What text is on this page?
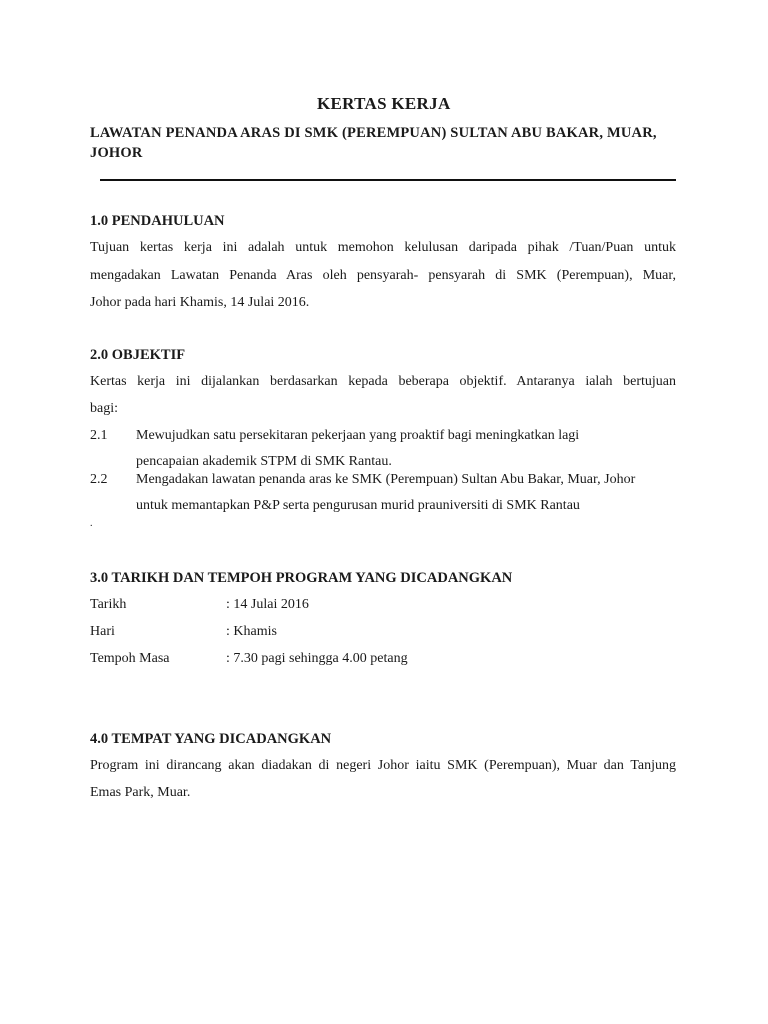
KERTAS KERJA
LAWATAN PENANDA ARAS DI SMK (PEREMPUAN) SULTAN ABU BAKAR, MUAR,
JOHOR
1.0 PENDAHULUAN
Tujuan kertas kerja ini adalah untuk memohon kelulusan daripada pihak /Tuan/Puan untuk
mengadakan Lawatan Penanda Aras oleh pensyarah- pensyarah di SMK (Perempuan), Muar,
Johor pada hari Khamis, 14 Julai 2016.
2.0 OBJEKTIF
Kertas kerja ini dijalankan berdasarkan kepada beberapa objektif. Antaranya ialah bertujuan
bagi:
2.1 Mewujudkan satu persekitaran pekerjaan yang proaktif bagi meningkatkan lagi
pencapaian akademik STPM di SMK Rantau.
2.2 Mengadakan lawatan penanda aras ke SMK (Perempuan) Sultan Abu Bakar, Muar, Johor
untuk memantapkan P&P serta pengurusan murid prauniversiti di SMK Rantau
.
3.0 TARIKH DAN TEMPOH PROGRAM YANG DICADANGKAN
Tarikh	: 14 Julai 2016
Hari	: Khamis
Tempoh Masa	: 7.30 pagi sehingga 4.00 petang
4.0 TEMPAT YANG DICADANGKAN
Program ini dirancang akan diadakan di negeri Johor iaitu SMK (Perempuan), Muar dan Tanjung
Emas Park, Muar.
